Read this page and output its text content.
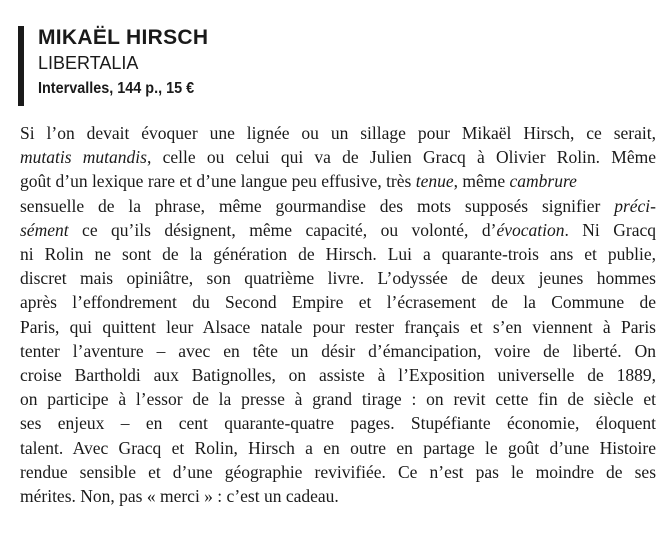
MIKAËL HIRSCH
LIBERTALIA
Intervalles, 144 p., 15 €
Si l’on devait évoquer une lignée ou un sillage pour Mikaël Hirsch, ce serait,
mutatis mutandis, celle ou celui qui va de Julien Gracq à Olivier Rolin. Même
goût d’un lexique rare et d’une langue peu effusive, très tenue, même cambrure
sensuelle de la phrase, même gourmandise des mots supposés signifier préci-
sément ce qu’ils désignent, même capacité, ou volonté, d’évocation. Ni Gracq
ni Rolin ne sont de la génération de Hirsch. Lui a quarante-trois ans et publie,
discret mais opiniâtre, son quatrième livre. L’odyssée de deux jeunes hommes
après l’effondrement du Second Empire et l’écrasement de la Commune de
Paris, qui quittent leur Alsace natale pour rester français et s’en viennent à Paris
tenter l’aventure – avec en tête un désir d’émancipation, voire de liberté. On
croise Bartholdi aux Batignolles, on assiste à l’Exposition universelle de 1889,
on participe à l’essor de la presse à grand tirage : on revit cette fin de siècle et
ses enjeux – en cent quarante-quatre pages. Stupéfiante économie, éloquent
talent. Avec Gracq et Rolin, Hirsch a en outre en partage le goût d’une Histoire
rendue sensible et d’une géographie revivifiée. Ce n’est pas le moindre de ses
mérites. Non, pas « merci » : c’est un cadeau.
